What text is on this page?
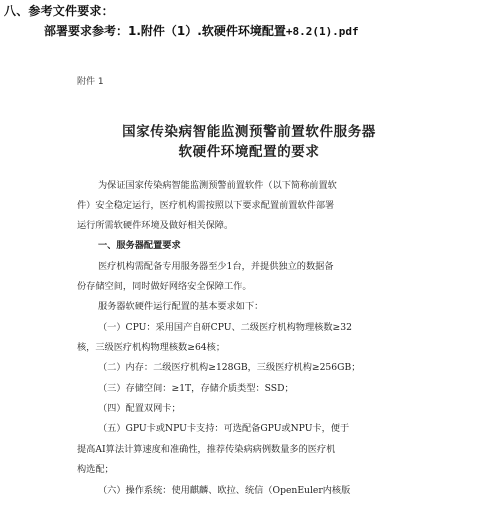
八、参考文件要求：
部署要求参考：1.附件（1）.软硬件环境配置+8.2(1).pdf
附件 1
国家传染病智能监测预警前置软件服务器
软硬件环境配置的要求
为保证国家传染病智能监测预警前置软件（以下简称前置软
件）安全稳定运行，医疗机构需按照以下要求配置前置软件部署
运行所需软硬件环境及做好相关保障。
一、服务器配置要求
医疗机构需配备专用服务器至少1台，并提供独立的数据备
份存储空间，同时做好网络安全保障工作。
服务器软硬件运行配置的基本要求如下：
（一）CPU：采用国产自研CPU、二级医疗机构物理核数≥32
核，三级医疗机构物理核数≥64核；
（二）内存：二级医疗机构≥128GB，三级医疗机构≥256GB；
（三）存储空间：≥1T，存储介质类型：SSD；
（四）配置双网卡；
（五）GPU卡或NPU卡支持：可选配备GPU或NPU卡，便于
提高AI算法计算速度和准确性，推荐传染病病例数量多的医疗机
构选配；
（六）操作系统：使用麒麟、欧拉、统信（OpenEuler内核版
